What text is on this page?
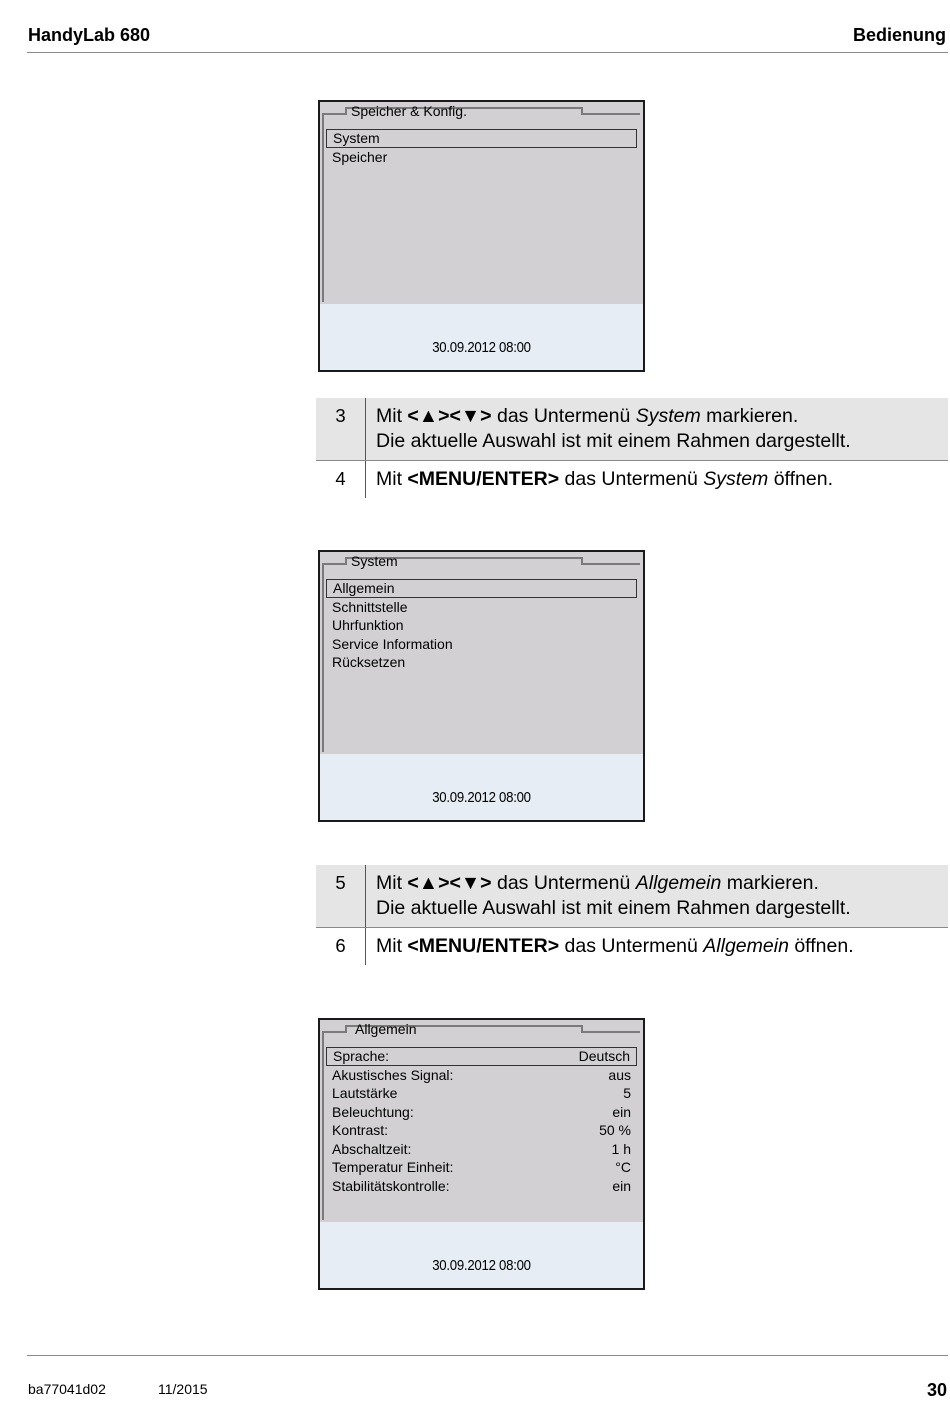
HandyLab 680	Bedienung
Speicher & Konfig.
System
Speicher
30.09.2012 08:00
3	Mit <▲><▼> das Untermenü System markieren.
Die aktuelle Auswahl ist mit einem Rahmen dargestellt.
4	Mit <MENU/ENTER> das Untermenü System öffnen.
System
Allgemein
Schnittstelle
Uhrfunktion
Service Information
Rücksetzen
30.09.2012 08:00
5	Mit <▲><▼> das Untermenü Allgemein markieren.
Die aktuelle Auswahl ist mit einem Rahmen dargestellt.
6	Mit <MENU/ENTER> das Untermenü Allgemein öffnen.
Allgemein
Sprache:	Deutsch
Akustisches Signal:	aus
Lautstärke	5
Beleuchtung:	ein
Kontrast:	50 %
Abschaltzeit:	1 h
Temperatur Einheit:	°C
Stabilitätskontrolle:	ein
30.09.2012 08:00
ba77041d02	11/2015	30
